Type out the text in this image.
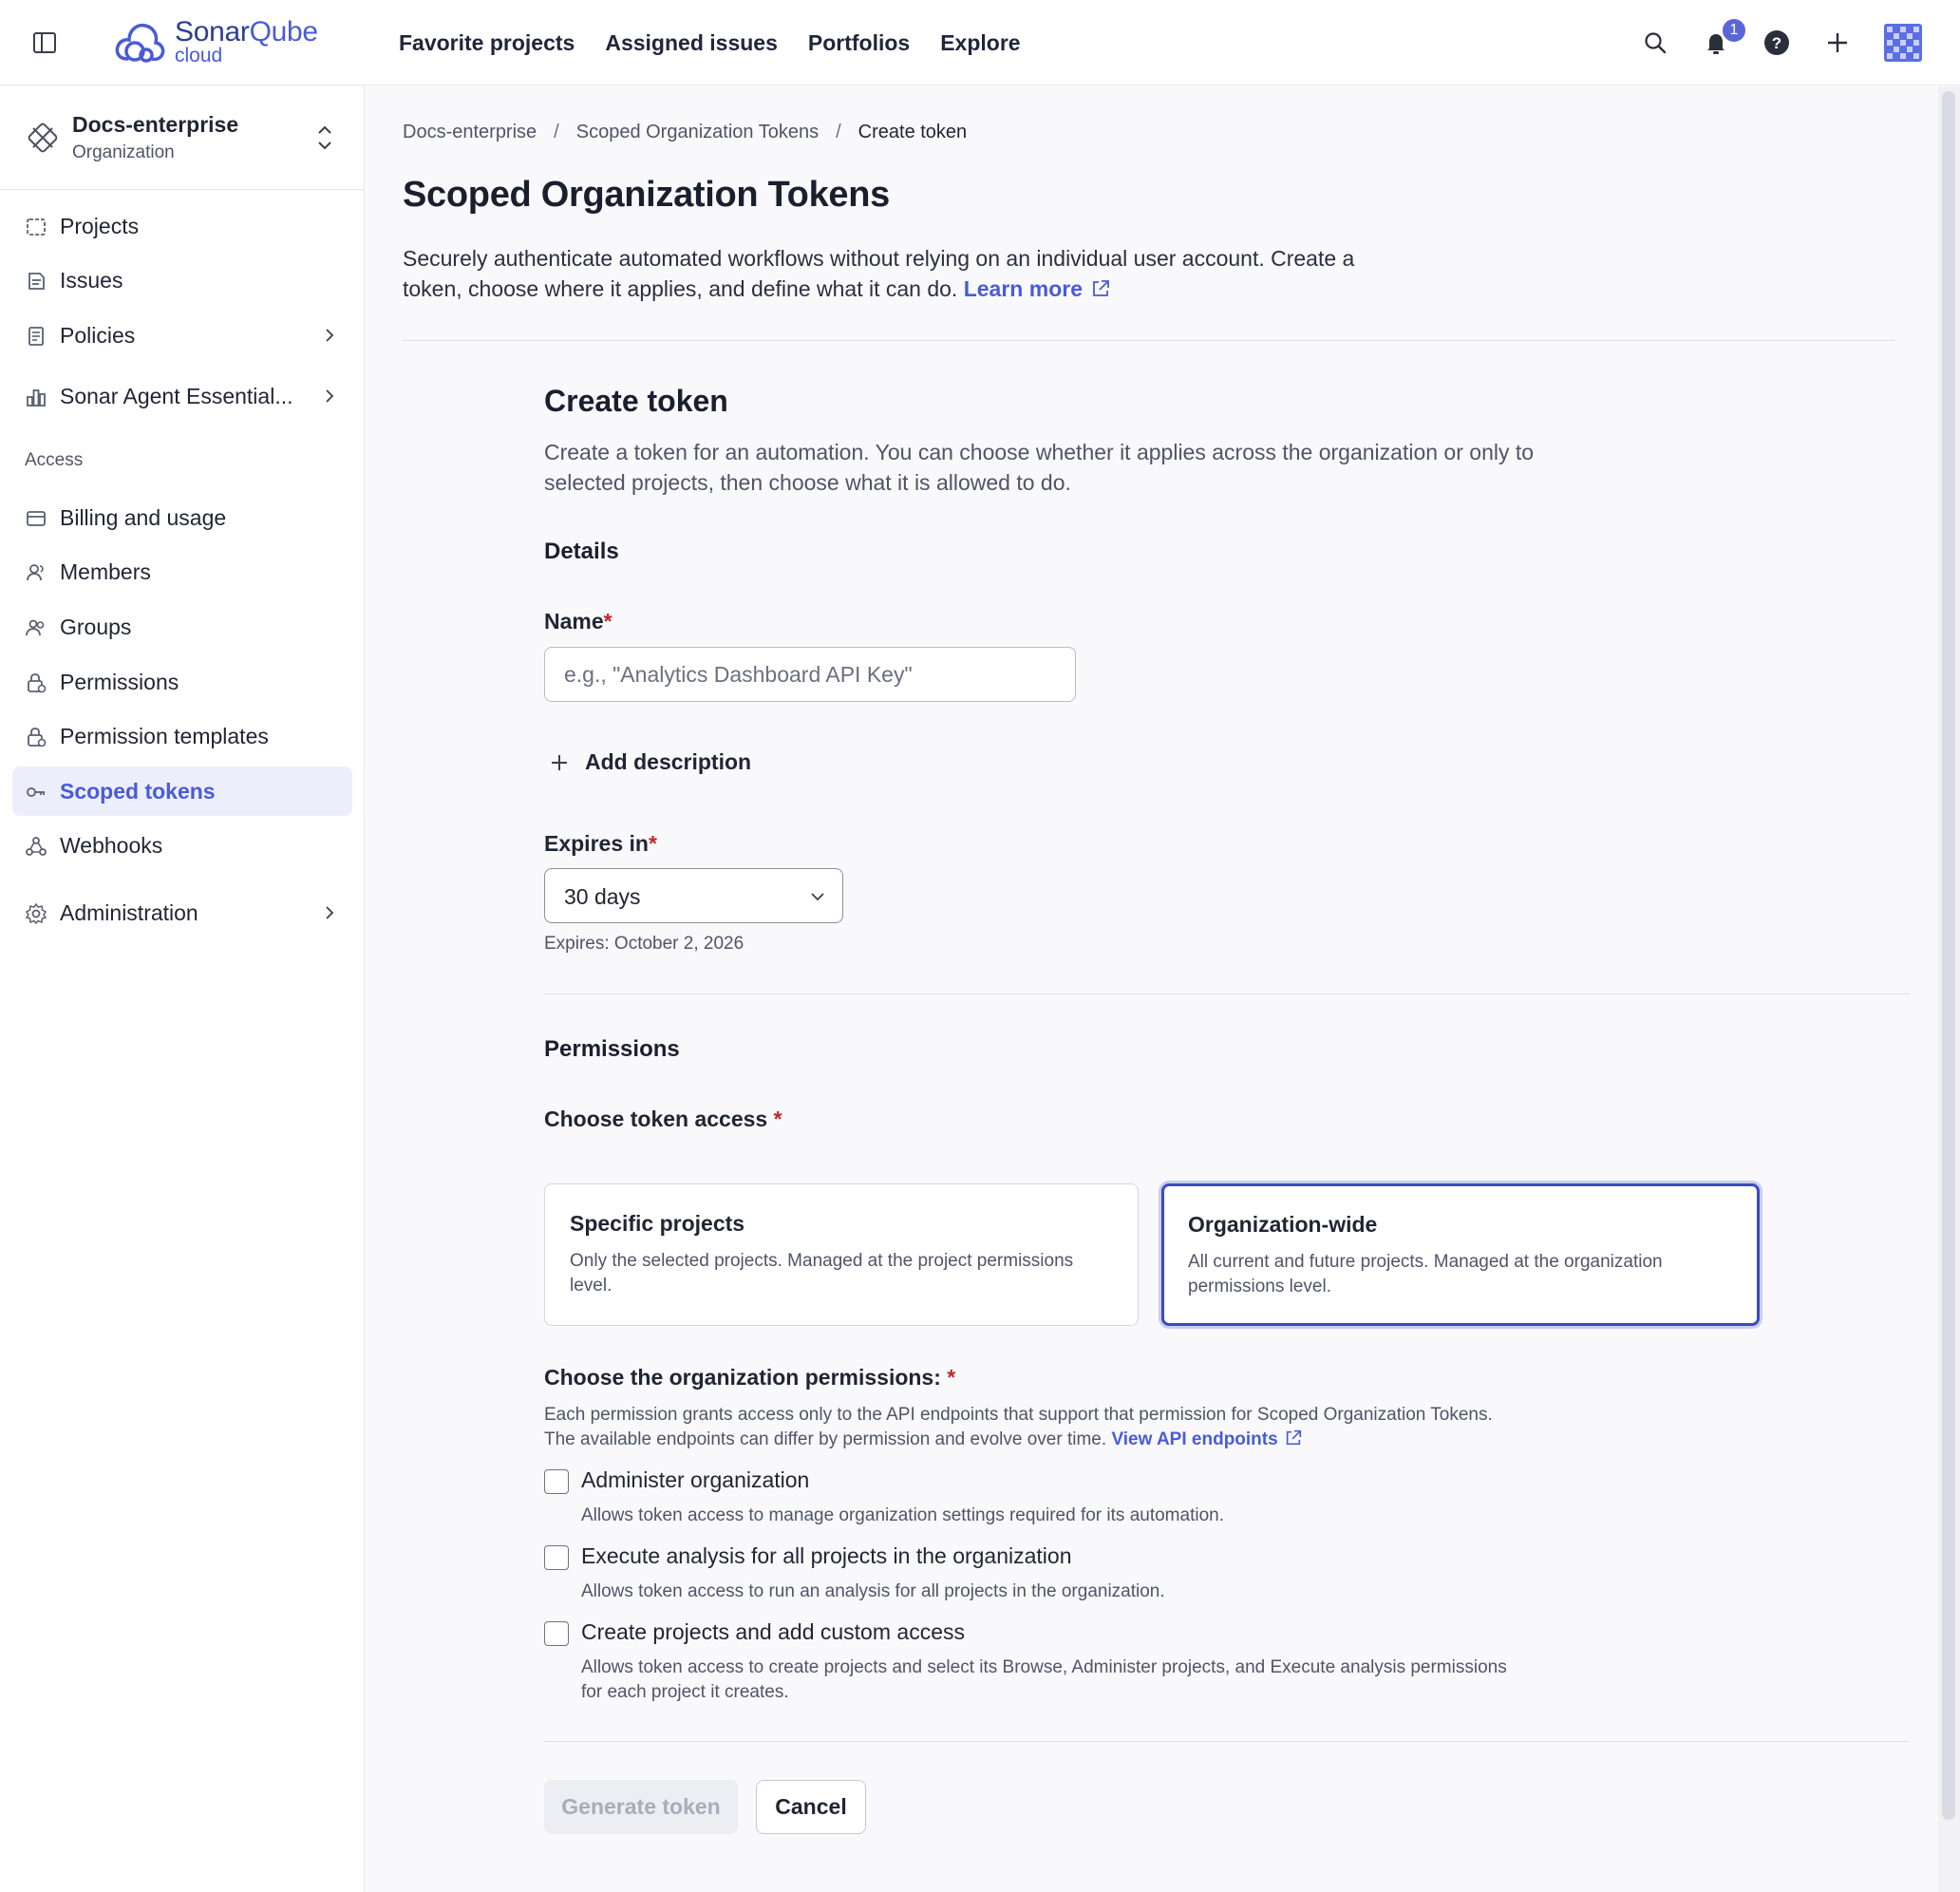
SonarQube
cloud
Favorite projects Assigned issues Portfolios Explore	1
?
Docs-enterprise
Organization
Projects
Issues
Policies
Sonar Agent Essential...
Access
Billing and usage
Members
Groups
Permissions
Permission templates
Scoped tokens
Webhooks
Administration
Docs-enterprise / Scoped Organization Tokens / Create token
Scoped Organization Tokens

Securely authenticate automated workflows without relying on an individual user account. Create a token, choose where it applies, and define what it can do. Learn more

Create token

Create a token for an automation. You can choose whether it applies across the organization or only to selected projects, then choose what it is allowed to do.

Details
Name*
e.g., "Analytics Dashboard API Key"
Add description
Expires in*
30 days
Expires: October 2, 2026
Permissions
Choose token access *
Specific projects
Only the selected projects. Managed at the project permissions level.
Organization-wide
All current and future projects. Managed at the organization permissions level.
Choose the organization permissions: *

Each permission grants access only to the API endpoints that support that permission for Scoped Organization Tokens. The available endpoints can differ by permission and evolve over time. View API endpoints

Administer organization
Allows token access to manage organization settings required for its automation.
Execute analysis for all projects in the organization
Allows token access to run an analysis for all projects in the organization.
Create projects and add custom access
Allows token access to create projects and select its Browse, Administer projects, and Execute analysis permissions for each project it creates.
Generate token	Cancel
